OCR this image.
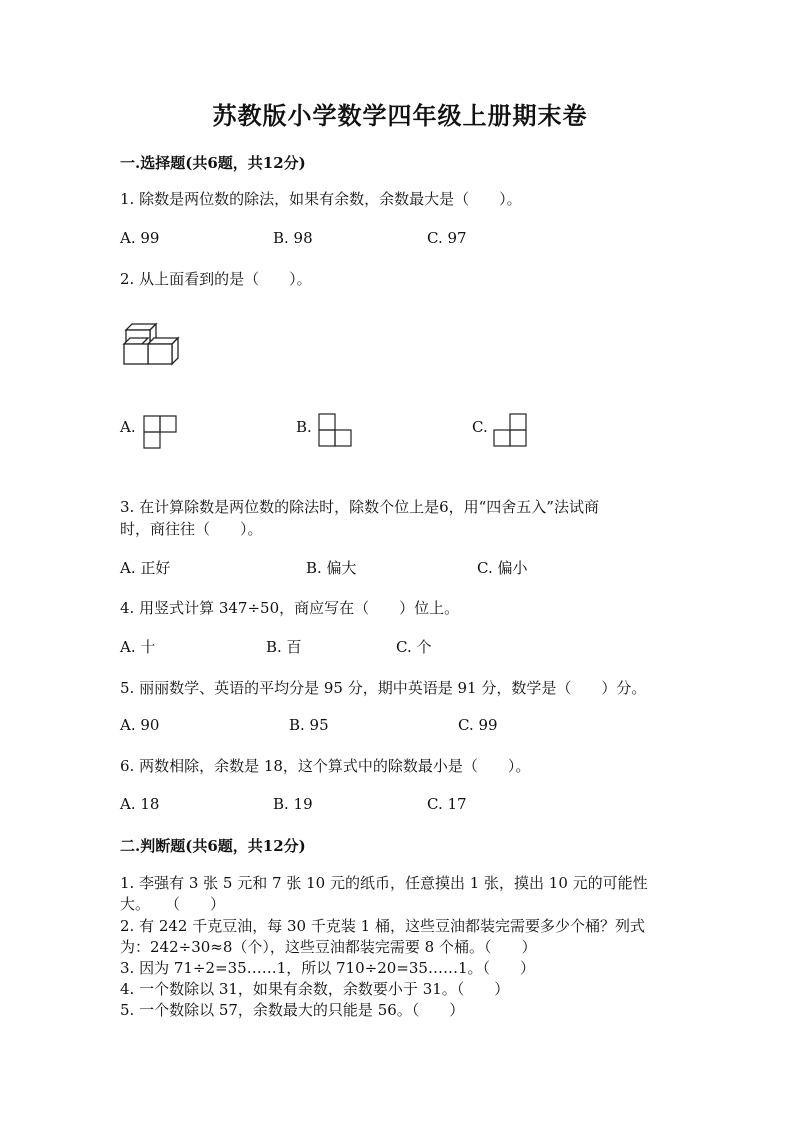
苏教版小学数学四年级上册期末卷
一.选择题(共6题，共12分)
1. 除数是两位数的除法，如果有余数，余数最大是（　　）。
A. 99	B. 98	C. 97
2. 从上面看到的是（　　）。
A.	B.	C.
3. 在计算除数是两位数的除法时，除数个位上是6，用“四舍五入”法试商
时，商往往（　　）。
A. 正好	B. 偏大	C. 偏小
4. 用竖式计算 347÷50，商应写在（　　）位上。
A. 十	B. 百	C. 个
5. 丽丽数学、英语的平均分是 95 分，期中英语是 91 分，数学是（　　）分。
A. 90	B. 95	C. 99
6. 两数相除，余数是 18，这个算式中的除数最小是（　　）。
A. 18	B. 19	C. 17
二.判断题(共6题，共12分)
1. 李强有 3 张 5 元和 7 张 10 元的纸币，任意摸出 1 张，摸出 10 元的可能性
大。　　（　　）
2. 有 242 千克豆油，每 30 千克装 1 桶，这些豆油都装完需要多少个桶？列式
为：242÷30≈8（个），这些豆油都装完需要 8 个桶。（　　）
3. 因为 71÷2=35……1，所以 710÷20=35……1。（　　）
4. 一个数除以 31，如果有余数，余数要小于 31。（　　）
5. 一个数除以 57，余数最大的只能是 56。（　　）
